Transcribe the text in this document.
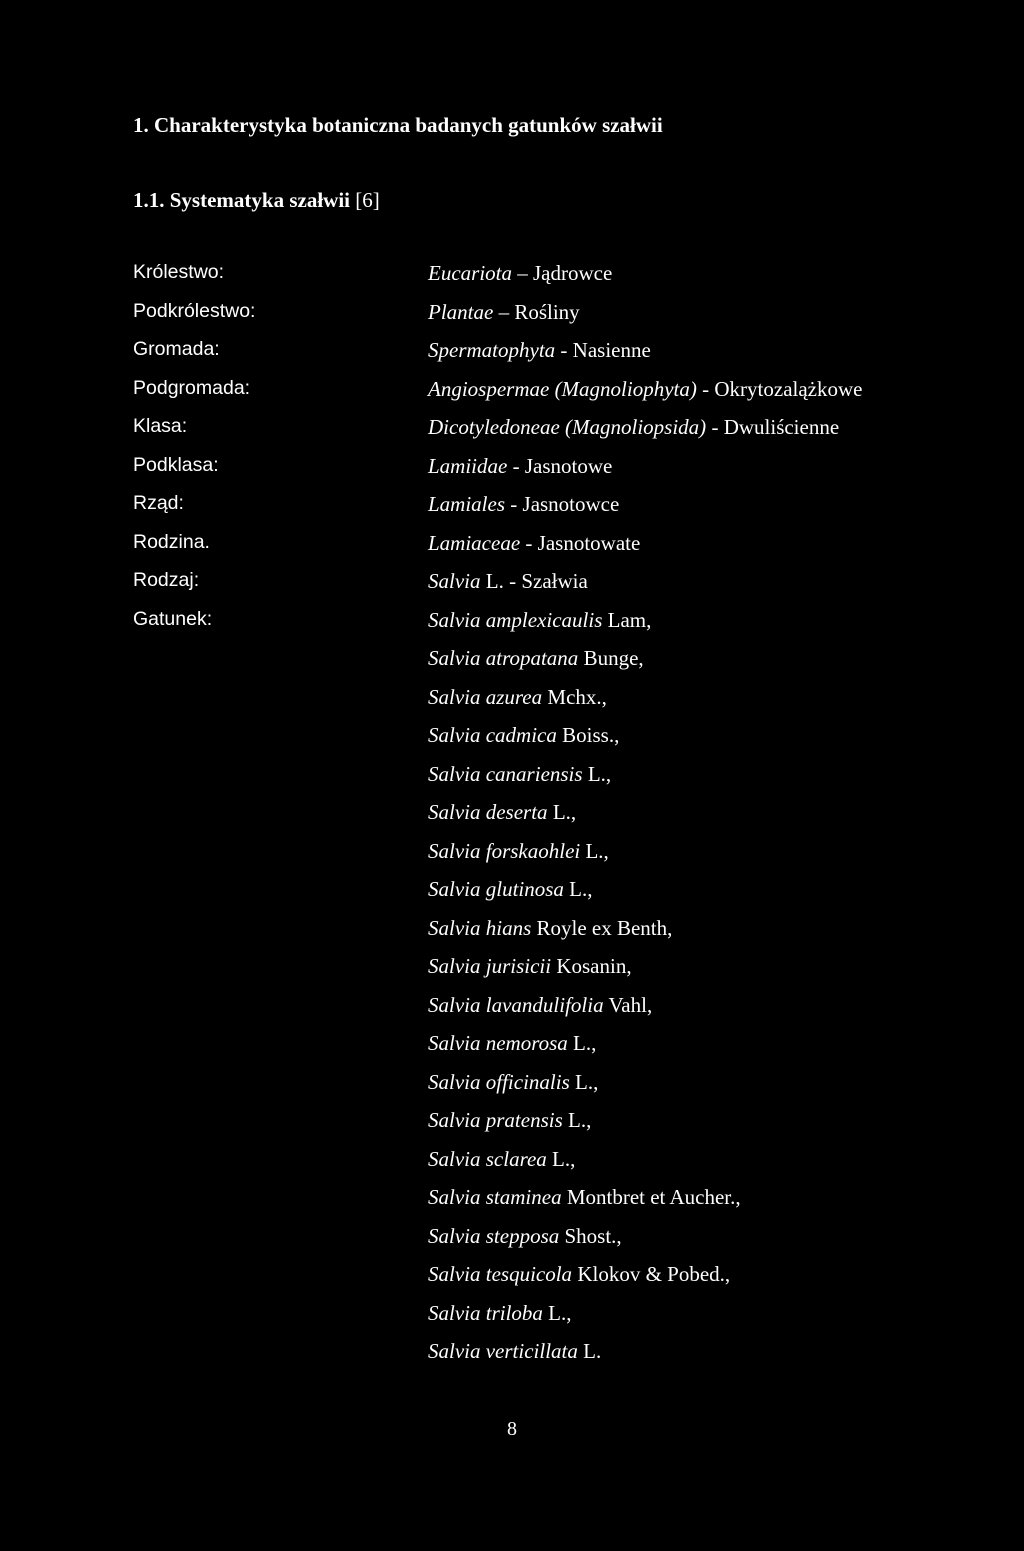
1. Charakterystyka botaniczna badanych gatunków szałwii
1.1. Systematyka szałwii [6]
Królestwo:	Eucariota – Jądrowce
Podkrólestwo:	Plantae – Rośliny
Gromada:	Spermatophyta - Nasienne
Podgromada:	Angiospermae (Magnoliophyta) - Okrytozalążkowe
Klasa:	Dicotyledoneae (Magnoliopsida) - Dwuliścienne
Podklasa:	Lamiidae - Jasnotowe
Rząd:	Lamiales - Jasnotowce
Rodzina.	Lamiaceae - Jasnotowate
Rodzaj:	Salvia L. - Szałwia
Gatunek:	Salvia amplexicaulis Lam,
Salvia atropatana Bunge,
Salvia azurea Mchx.,
Salvia cadmica Boiss.,
Salvia canariensis L.,
Salvia deserta L.,
Salvia forskaohlei L.,
Salvia glutinosa L.,
Salvia hians Royle ex Benth,
Salvia jurisicii Kosanin,
Salvia lavandulifolia Vahl,
Salvia nemorosa L.,
Salvia officinalis L.,
Salvia pratensis L.,
Salvia sclarea L.,
Salvia staminea Montbret et Aucher.,
Salvia stepposa Shost.,
Salvia tesquicola Klokov & Pobed.,
Salvia triloba L.,
Salvia verticillata L.
8
